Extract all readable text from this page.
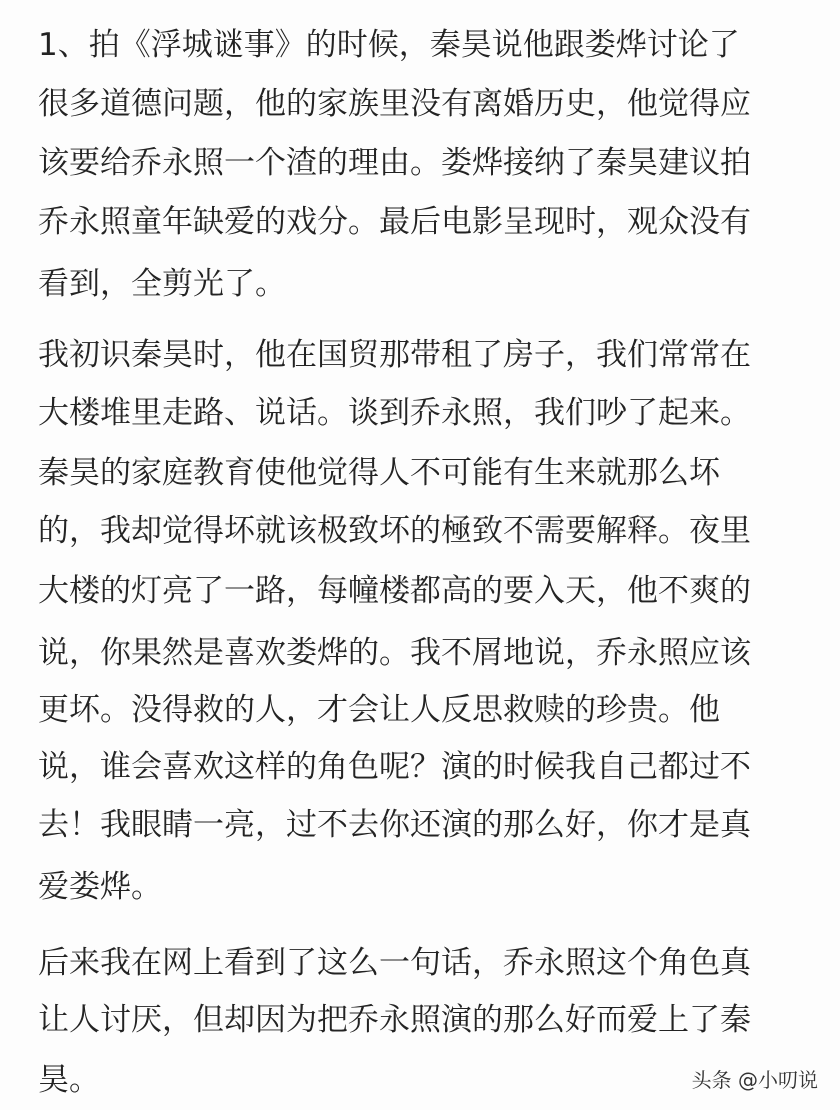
1、拍《浮城谜事》的时候，秦昊说他跟娄烨讨论了
很多道德问题，他的家族里没有离婚历史，他觉得应
该要给乔永照一个渣的理由。娄烨接纳了秦昊建议拍
乔永照童年缺爱的戏分。最后电影呈现时，观众没有
看到，全剪光了。
我初识秦昊时，他在国贸那带租了房子，我们常常在
大楼堆里走路、说话。谈到乔永照，我们吵了起来。
秦昊的家庭教育使他觉得人不可能有生来就那么坏
的，我却觉得坏就该极致坏的極致不需要解释。夜里
大楼的灯亮了一路，每幢楼都高的要入天，他不爽的
说，你果然是喜欢娄烨的。我不屑地说，乔永照应该
更坏。没得救的人，才会让人反思救赎的珍贵。他
说，谁会喜欢这样的角色呢？演的时候我自己都过不
去！我眼睛一亮，过不去你还演的那么好，你才是真
爱娄烨。
后来我在网上看到了这么一句话，乔永照这个角色真
让人讨厌，但却因为把乔永照演的那么好而爱上了秦
昊。	头条 @小叨说
